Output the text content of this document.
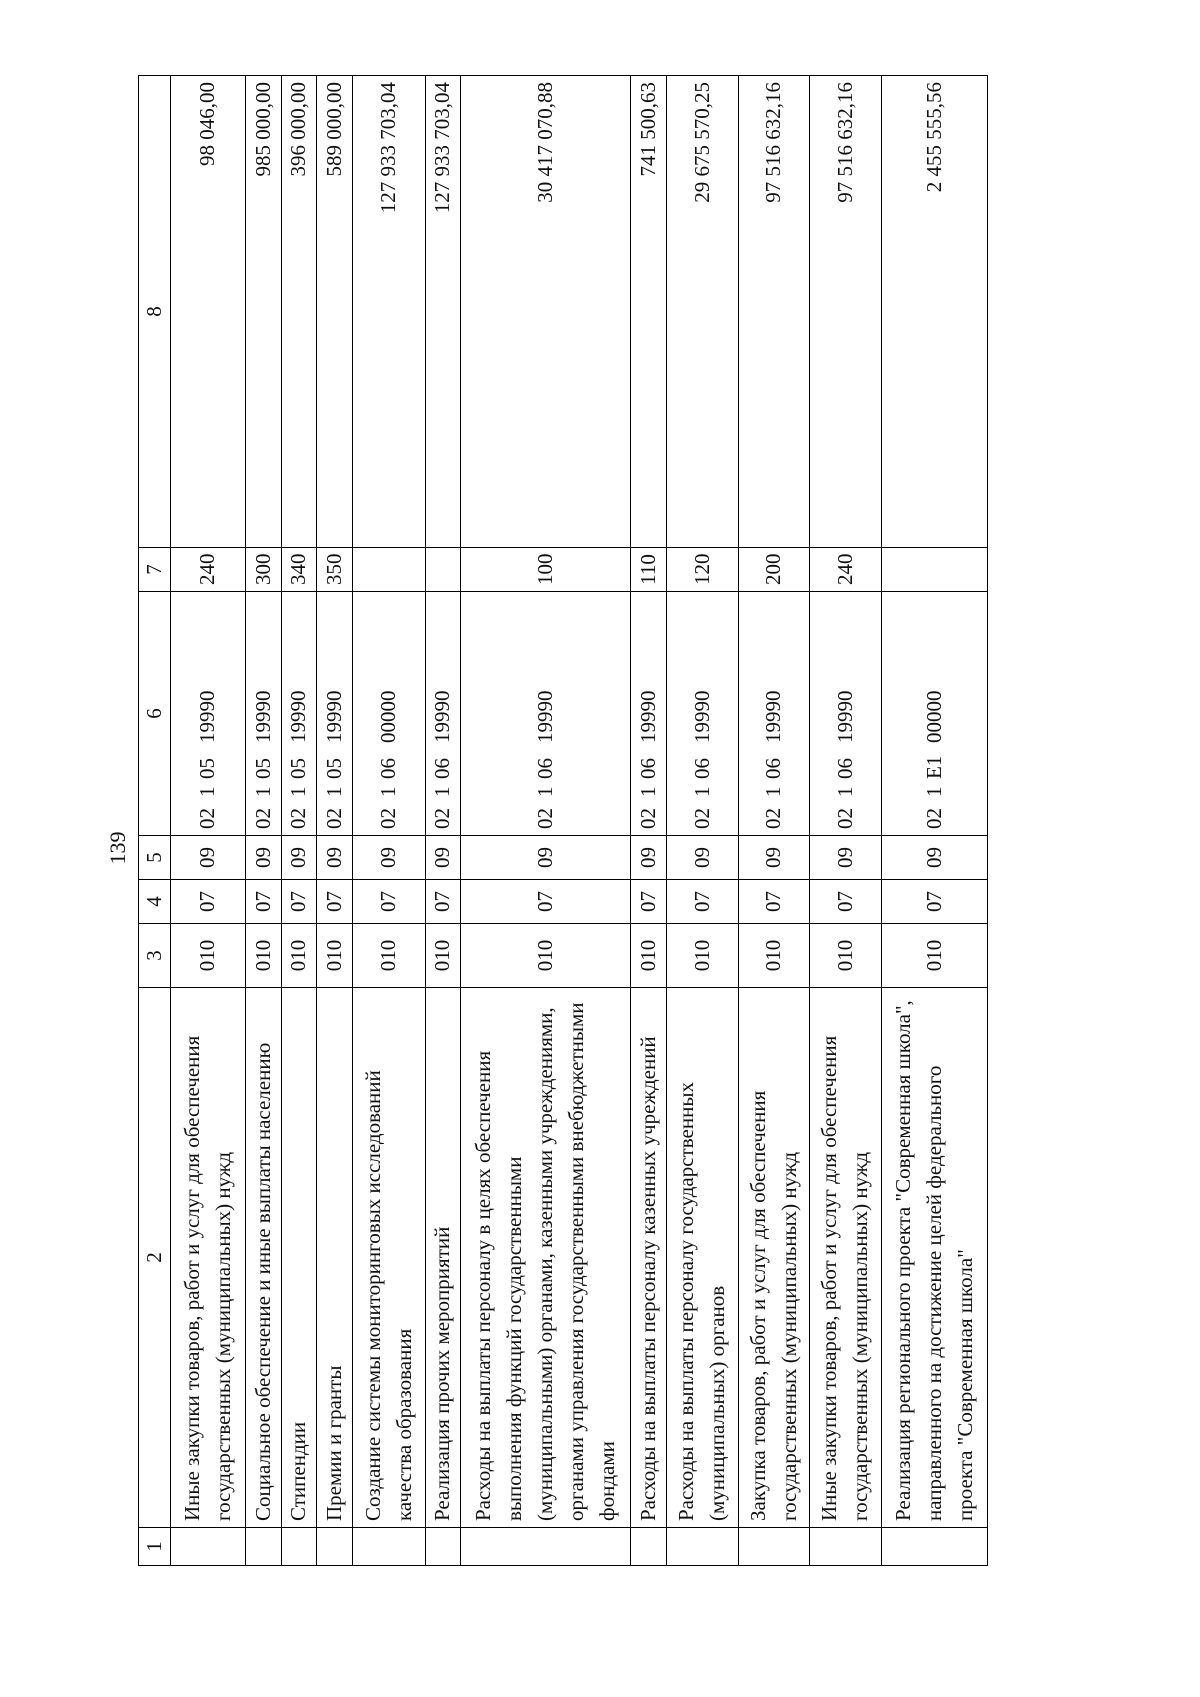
139
1	2	3	4	5	6	7	8
	Иные закупки товаров, работ и услуг для обеспечения государственных (муниципальных) нужд	010	07	09	0210519990	240	98 046,00
	Социальное обеспечение и иные выплаты населению	010	07	09	0210519990	300	985 000,00
	Стипендии	010	07	09	0210519990	340	396 000,00
	Премии и гранты	010	07	09	0210519990	350	589 000,00
	Создание системы мониторинговых исследований качества образования	010	07	09	0210600000		127 933 703,04
	Реализация прочих мероприятий	010	07	09	0210619990		127 933 703,04
	Расходы на выплаты персоналу в целях обеспечения выполнения функций государственными (муниципальными) органами, казенными учреждениями, органами управления государственными внебюджетными фондами	010	07	09	0210619990	100	30 417 070,88
	Расходы на выплаты персоналу казенных учреждений	010	07	09	0210619990	110	741 500,63
	Расходы на выплаты персоналу государственных (муниципальных) органов	010	07	09	0210619990	120	29 675 570,25
	Закупка товаров, работ и услуг для обеспечения государственных (муниципальных) нужд	010	07	09	0210619990	200	97 516 632,16
	Иные закупки товаров, работ и услуг для обеспечения государственных (муниципальных) нужд	010	07	09	0210619990	240	97 516 632,16
	Реализация регионального проекта "Современная школа", направленного на достижение целей федерального проекта "Современная школа"	010	07	09	021E100000		2 455 555,56
